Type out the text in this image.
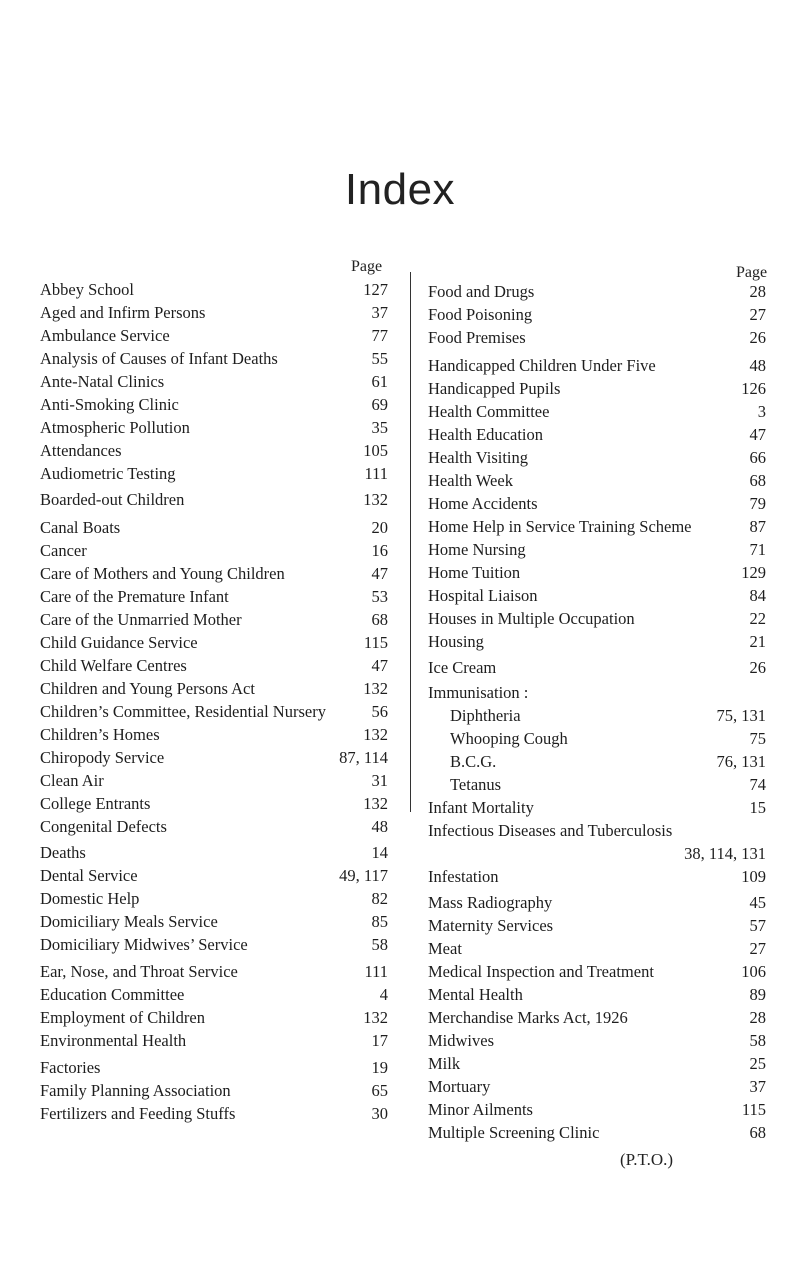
Index
Page	Page
Abbey School	127
Aged and Infirm Persons	37
Ambulance Service	77
Analysis of Causes of Infant Deaths	55
Ante-Natal Clinics	61
Anti-Smoking Clinic	69
Atmospheric Pollution	35
Attendances	105
Audiometric Testing	111
Boarded-out Children	132
Canal Boats	20
Cancer	16
Care of Mothers and Young Children	47
Care of the Premature Infant	53
Care of the Unmarried Mother	68
Child Guidance Service	115
Child Welfare Centres	47
Children and Young Persons Act	132
Children’s Committee, Residential Nursery	56
Children’s Homes	132
Chiropody Service	87, 114
Clean Air	31
College Entrants	132
Congenital Defects	48
Deaths	14
Dental Service	49, 117
Domestic Help	82
Domiciliary Meals Service	85
Domiciliary Midwives’ Service	58
Ear, Nose, and Throat Service	111
Education Committee	4
Employment of Children	132
Environmental Health	17
Factories	19
Family Planning Association	65
Fertilizers and Feeding Stuffs	30
Food and Drugs	28
Food Poisoning	27
Food Premises	26
Handicapped Children Under Five	48
Handicapped Pupils	126
Health Committee	3
Health Education	47
Health Visiting	66
Health Week	68
Home Accidents	79
Home Help in Service Training Scheme	87
Home Nursing	71
Home Tuition	129
Hospital Liaison	84
Houses in Multiple Occupation	22
Housing	21
Ice Cream	26
Immunisation :
Diphtheria	75, 131
Whooping Cough	75
B.C.G.	76, 131
Tetanus	74
Infant Mortality	15
Infectious Diseases and Tuberculosis
38, 114, 131
Infestation	109
Mass Radiography	45
Maternity Services	57
Meat	27
Medical Inspection and Treatment	106
Mental Health	89
Merchandise Marks Act, 1926	28
Midwives	58
Milk	25
Mortuary	37
Minor Ailments	115
Multiple Screening Clinic	68
(P.T.O.)
